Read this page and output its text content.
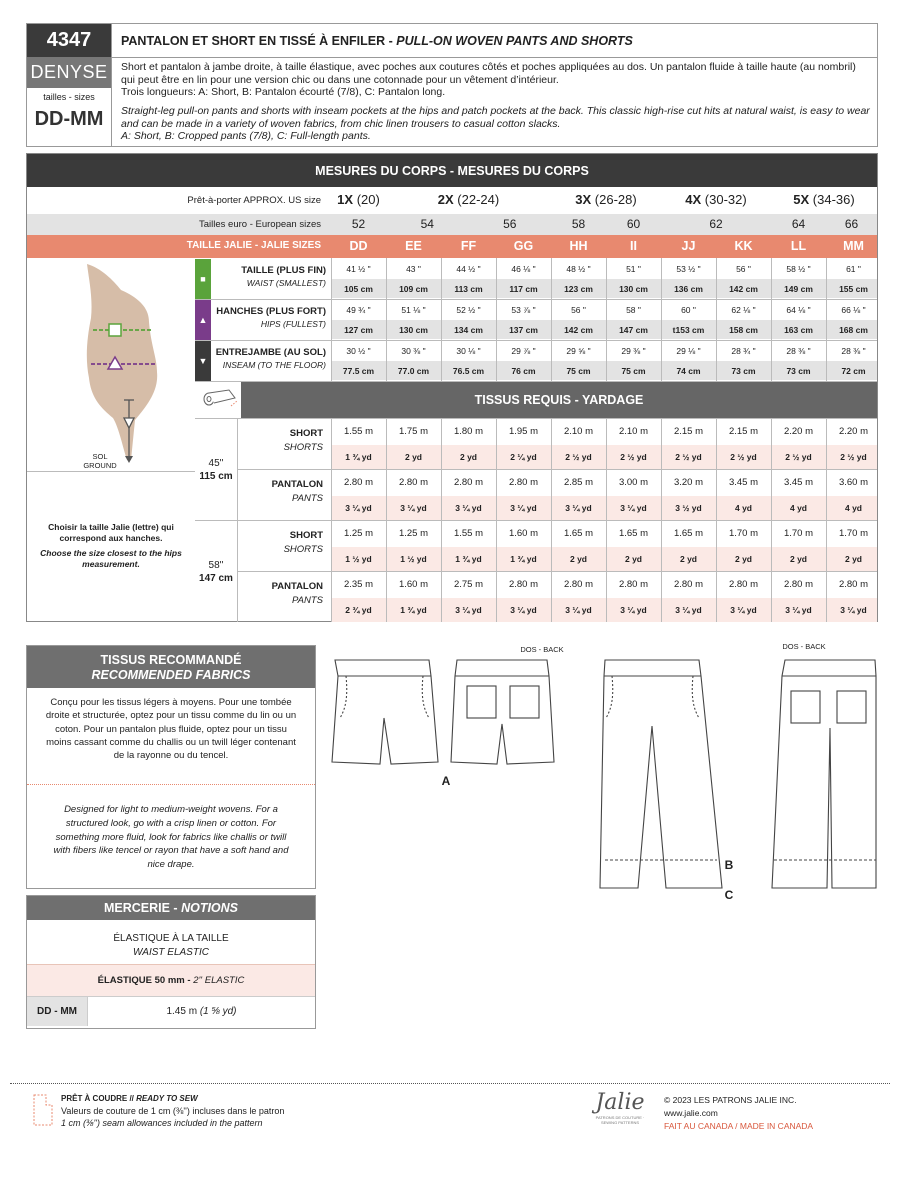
4347
DENYSE
tailles - sizes
DD-MM
PANTALON ET SHORT EN TISSÉ À ENFILER - PULL-ON WOVEN PANTS AND SHORTS
Short et pantalon à jambe droite, à taille élastique, avec poches aux coutures côtés et poches appliquées au dos. Un pantalon fluide à taille haute (au nombril) qui peut être en lin pour une version chic ou dans une cotonnade pour un vêtement d’intérieur.
Trois longueurs: A: Short, B: Pantalon écourté (7/8), C: Pantalon long.
Straight-leg pull-on pants and shorts with inseam pockets at the hips and patch pockets at the back. This classic high-rise cut hits at natural waist, is easy to wear and can be made in a variety of woven fabrics, from chic linen trousers to casual cotton slacks.
A: Short, B: Cropped pants (7/8), C: Full-length pants.
MESURES DU CORPS - MESURES DU CORPS
Prêt-à-porter APPROX. US size	1X (20)	2X (22-24)	3X (26-28)	4X (30-32)	5X (34-36)
Tailles euro - European sizes	52	54	56	58	60	62	64	66
TAILLE JALIE - JALIE SIZES	DD	EE	FF	GG	HH	II	JJ	KK	LL	MM
SOL
GROUND
■
TAILLE (PLUS FIN)
WAIST (SMALLEST)
41 ½ "	43 "	44 ½ "	46 ⅛ "	48 ½ "	51 "	53 ½ "	56 "	58 ½ "	61 "
105 cm	109 cm	113 cm	117 cm	123 cm	130 cm	136 cm	142 cm	149 cm	155 cm
▲
HANCHES (PLUS FORT)
HIPS (FULLEST)
49 ¾ "	51 ⅛ "	52 ½ "	53 ⅞ "	56 "	58 "	60 "	62 ⅛ "	64 ⅛ "	66 ⅛ "
127 cm	130 cm	134 cm	137 cm	142 cm	147 cm	t153 cm	158 cm	163 cm	168 cm
▼
ENTREJAMBE (AU SOL)
INSEAM (TO THE FLOOR)
30 ½ "	30 ⅜ "	30 ⅛ "	29 ⅞ "	29 ⅝ "	29 ⅜ "	29 ⅛ "	28 ¾ "	28 ⅜ "	28 ⅜ "
77.5 cm	77.0 cm	76.5 cm	76 cm	75 cm	75 cm	74 cm	73 cm	73 cm	72 cm
TISSUS REQUIS - YARDAGE
Choisir la taille Jalie (lettre) qui correspond aux hanches.
Choose the size closest to the hips measurement.
45''
115 cm
SHORT
SHORTS
1.55 m	1.75 m	1.80 m	1.95 m	2.10 m	2.10 m	2.15 m	2.15 m	2.20 m	2.20 m
1 ¾ yd	2 yd	2 yd	2 ¼ yd	2 ½ yd	2 ½ yd	2 ½ yd	2 ½ yd	2 ½ yd	2 ½ yd
PANTALON
PANTS
2.80 m	2.80 m	2.80 m	2.80 m	2.85 m	3.00 m	3.20 m	3.45 m	3.45 m	3.60 m
3 ¼ yd	3 ¼ yd	3 ¼ yd	3 ¼ yd	3 ¼ yd	3 ¼ yd	3 ½ yd	4 yd	4 yd	4 yd
58''
147 cm
SHORT
SHORTS
1.25 m	1.25 m	1.55 m	1.60 m	1.65 m	1.65 m	1.65 m	1.70 m	1.70 m	1.70 m
1 ½ yd	1 ½ yd	1 ¾ yd	1 ¾ yd	2 yd	2 yd	2 yd	2 yd	2 yd	2 yd
PANTALON
PANTS
2.35 m	1.60 m	2.75 m	2.80 m	2.80 m	2.80 m	2.80 m	2.80 m	2.80 m	2.80 m
2 ¾ yd	1 ¾ yd	3 ¼ yd	3 ¼ yd	3 ¼ yd	3 ¼ yd	3 ¼ yd	3 ¼ yd	3 ¼ yd	3 ¼ yd
TISSUS RECOMMANDÉ
RECOMMENDED FABRICS
Conçu pour les tissus légers à moyens. Pour une tombée droite et structurée, optez pour un tissu comme du lin ou un coton. Pour un pantalon plus fluide, optez pour un tissu moins cassant comme du challis ou un twill léger contenant de la rayonne ou du tencel.
Designed for light to medium-weight wovens. For a structured look, go with a crisp linen or cotton. For something more fluid, look for fabrics like challis or twill with fibers like tencel or rayon that have a soft hand and nice drape.
MERCERIE - NOTIONS
ÉLASTIQUE À LA TAILLE
WAIST ELASTIC
ÉLASTIQUE 50 mm - 2'' ELASTIC
DD - MM	1.45 m
(1 ⅝ yd)
DOS - BACK	DOS - BACK
A
B
C
PRÊT À COUDRE // READY TO SEW
Valeurs de couture de 1 cm (⅜'') incluses dans le patron
1 cm (⅜'') seam allowances included in the pattern
Jalie
PATRONS DE COUTURE · SEWING PATTERNS
© 2023 LES PATRONS JALIE INC.
www.jalie.com
FAIT AU CANADA / MADE IN CANADA
